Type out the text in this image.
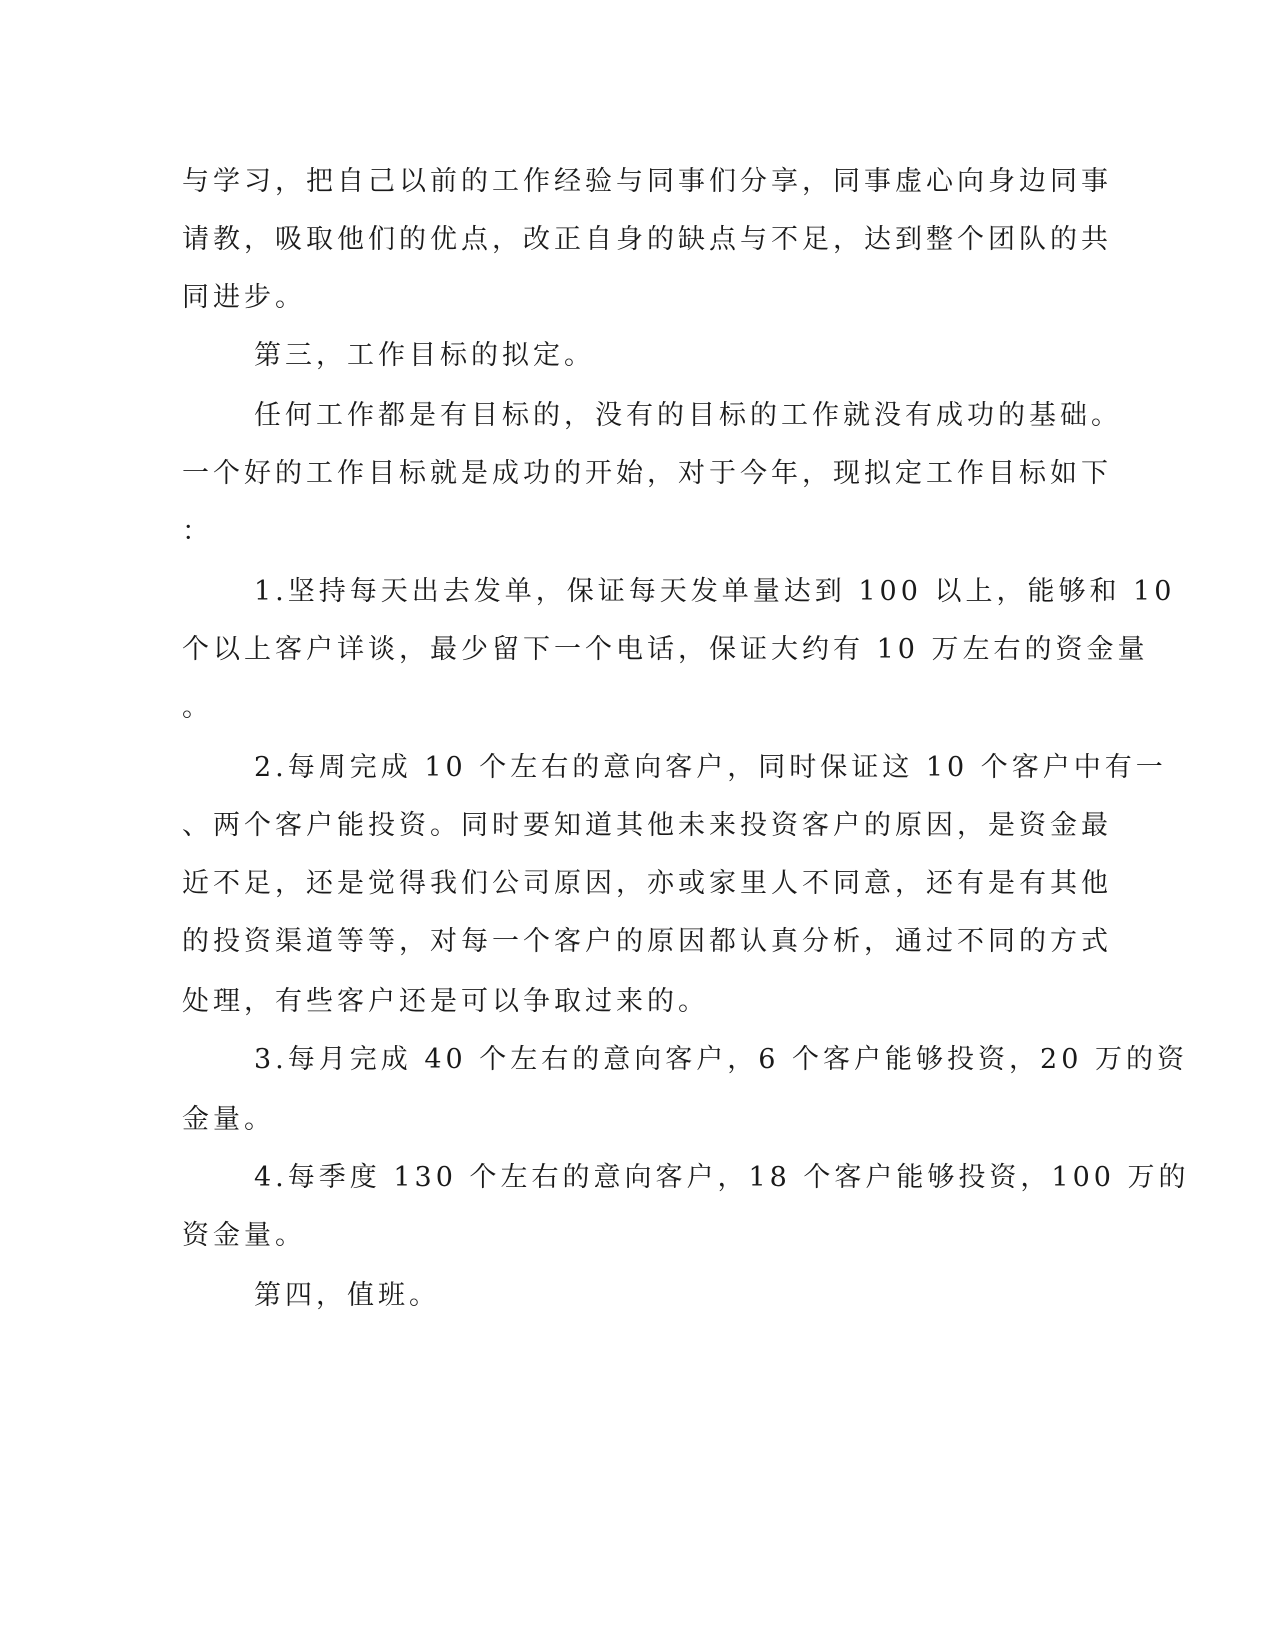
与学习，把自己以前的工作经验与同事们分享，同事虚心向身边同事
请教，吸取他们的优点，改正自身的缺点与不足，达到整个团队的共
同进步。
第三，工作目标的拟定。
任何工作都是有目标的，没有的目标的工作就没有成功的基础。
一个好的工作目标就是成功的开始，对于今年，现拟定工作目标如下
：
1.坚持每天出去发单，保证每天发单量达到 100 以上，能够和 10
个以上客户详谈，最少留下一个电话，保证大约有 10 万左右的资金量
。
2.每周完成 10 个左右的意向客户，同时保证这 10 个客户中有一
、两个客户能投资。同时要知道其他未来投资客户的原因，是资金最
近不足，还是觉得我们公司原因，亦或家里人不同意，还有是有其他
的投资渠道等等，对每一个客户的原因都认真分析，通过不同的方式
处理，有些客户还是可以争取过来的。
3.每月完成 40 个左右的意向客户，6 个客户能够投资，20 万的资
金量。
4.每季度 130 个左右的意向客户，18 个客户能够投资，100 万的
资金量。
第四，值班。
